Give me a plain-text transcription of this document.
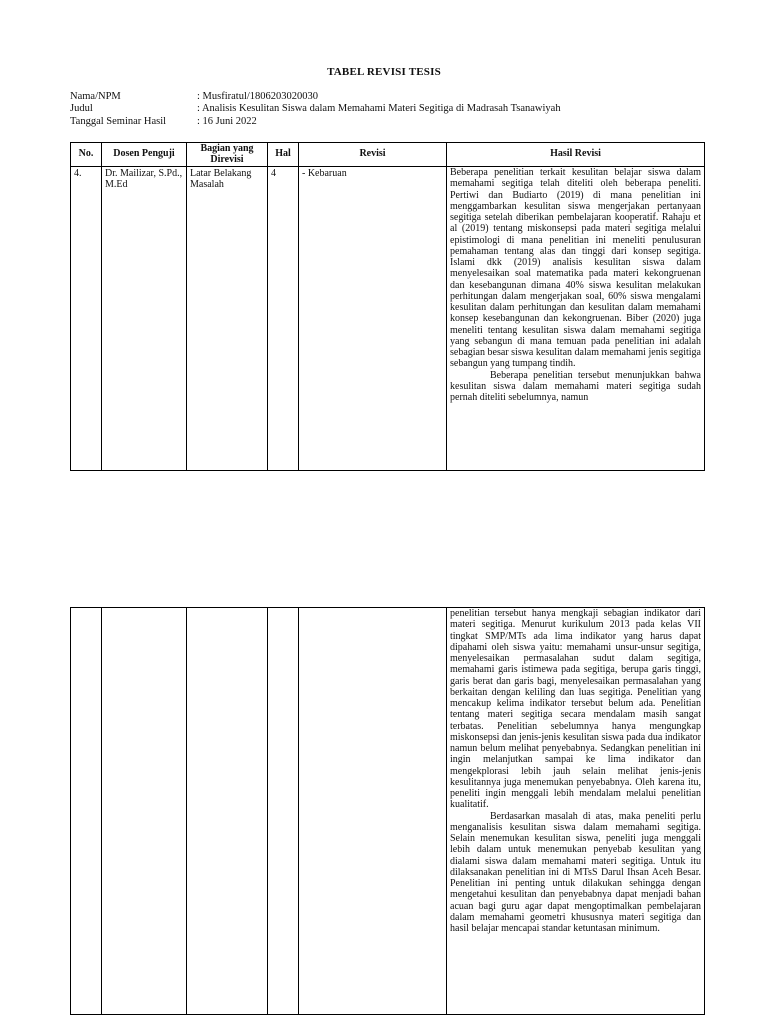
TABEL REVISI TESIS
Nama/NPM	: Musfiratul/1806203020030
Judul	: Analisis Kesulitan Siswa dalam Memahami Materi Segitiga di Madrasah Tsanawiyah
Tanggal Seminar Hasil	: 16 Juni 2022
No.	Dosen Penguji	Bagian yang Direvisi	Hal	Revisi	Hasil Revisi
4.	Dr. Mailizar, S.Pd., M.Ed	Latar Belakang Masalah	4	- Kebaruan	Beberapa penelitian terkait kesulitan belajar siswa dalam memahami segitiga telah diteliti oleh beberapa peneliti. Pertiwi dan Budiarto (2019) di mana penelitian ini menggambarkan kesulitan siswa mengerjakan pertanyaan segitiga setelah diberikan pembelajaran kooperatif. Rahaju et al (2019) tentang miskonsepsi pada materi segitiga melalui epistimologi di mana penelitian ini meneliti penulusuran pemahaman tentang alas dan tinggi dari konsep segitiga. Islami dkk (2019) analisis kesulitan siswa dalam menyelesaikan soal matematika pada materi kekongruenan dan kesebangunan dimana 40% siswa kesulitan melakukan perhitungan dalam mengerjakan soal, 60% siswa mengalami kesulitan dalam perhitungan dan kesulitan dalam memahami konsep kesebangunan dan kekongruenan. Biber (2020) juga meneliti tentang kesulitan siswa dalam memahami segitiga yang sebangun di mana temuan pada penelitian ini adalah sebagian besar siswa kesulitan dalam memahami jenis segitiga sebangun yang tumpang tindih.

Beberapa penelitian tersebut menunjukkan bahwa kesulitan siswa dalam memahami materi segitiga sudah pernah diteliti sebelumnya, namun

penelitian tersebut hanya mengkaji sebagian indikator dari materi segitiga. Menurut kurikulum 2013 pada kelas VII tingkat SMP/MTs ada lima indikator yang harus dapat dipahami oleh siswa yaitu: memahami unsur-unsur segitiga, menyelesaikan permasalahan sudut dalam segitiga, memahami garis istimewa pada segitiga, berupa garis tinggi, garis berat dan garis bagi, menyelesaikan permasalahan yang berkaitan dengan keliling dan luas segitiga. Penelitian yang mencakup kelima indikator tersebut belum ada. Penelitian tentang materi segitiga secara mendalam masih sangat terbatas. Penelitian sebelumnya hanya mengungkap miskonsepsi dan jenis-jenis kesulitan siswa pada dua indikator namun belum melihat penyebabnya. Sedangkan penelitian ini ingin melanjutkan sampai ke lima indikator dan mengekplorasi lebih jauh selain melihat jenis-jenis kesulitannya juga menemukan penyebabnya. Oleh karena itu, peneliti ingin menggali lebih mendalam melalui penelitian kualitatif.

Berdasarkan masalah di atas, maka peneliti perlu menganalisis kesulitan siswa dalam memahami segitiga. Selain menemukan kesulitan siswa, peneliti juga menggali lebih dalam untuk menemukan penyebab kesulitan yang dialami siswa dalam memahami materi segitiga. Untuk itu dilaksanakan penelitian ini di MTsS Darul Ihsan Aceh Besar. Penelitian ini penting untuk dilakukan sehingga dengan mengetahui kesulitan dan penyebabnya dapat menjadi bahan acuan bagi guru agar dapat mengoptimalkan pembelajaran dalam memahami geometri khususnya materi segitiga dan hasil belajar mencapai standar ketuntasan minimum.
